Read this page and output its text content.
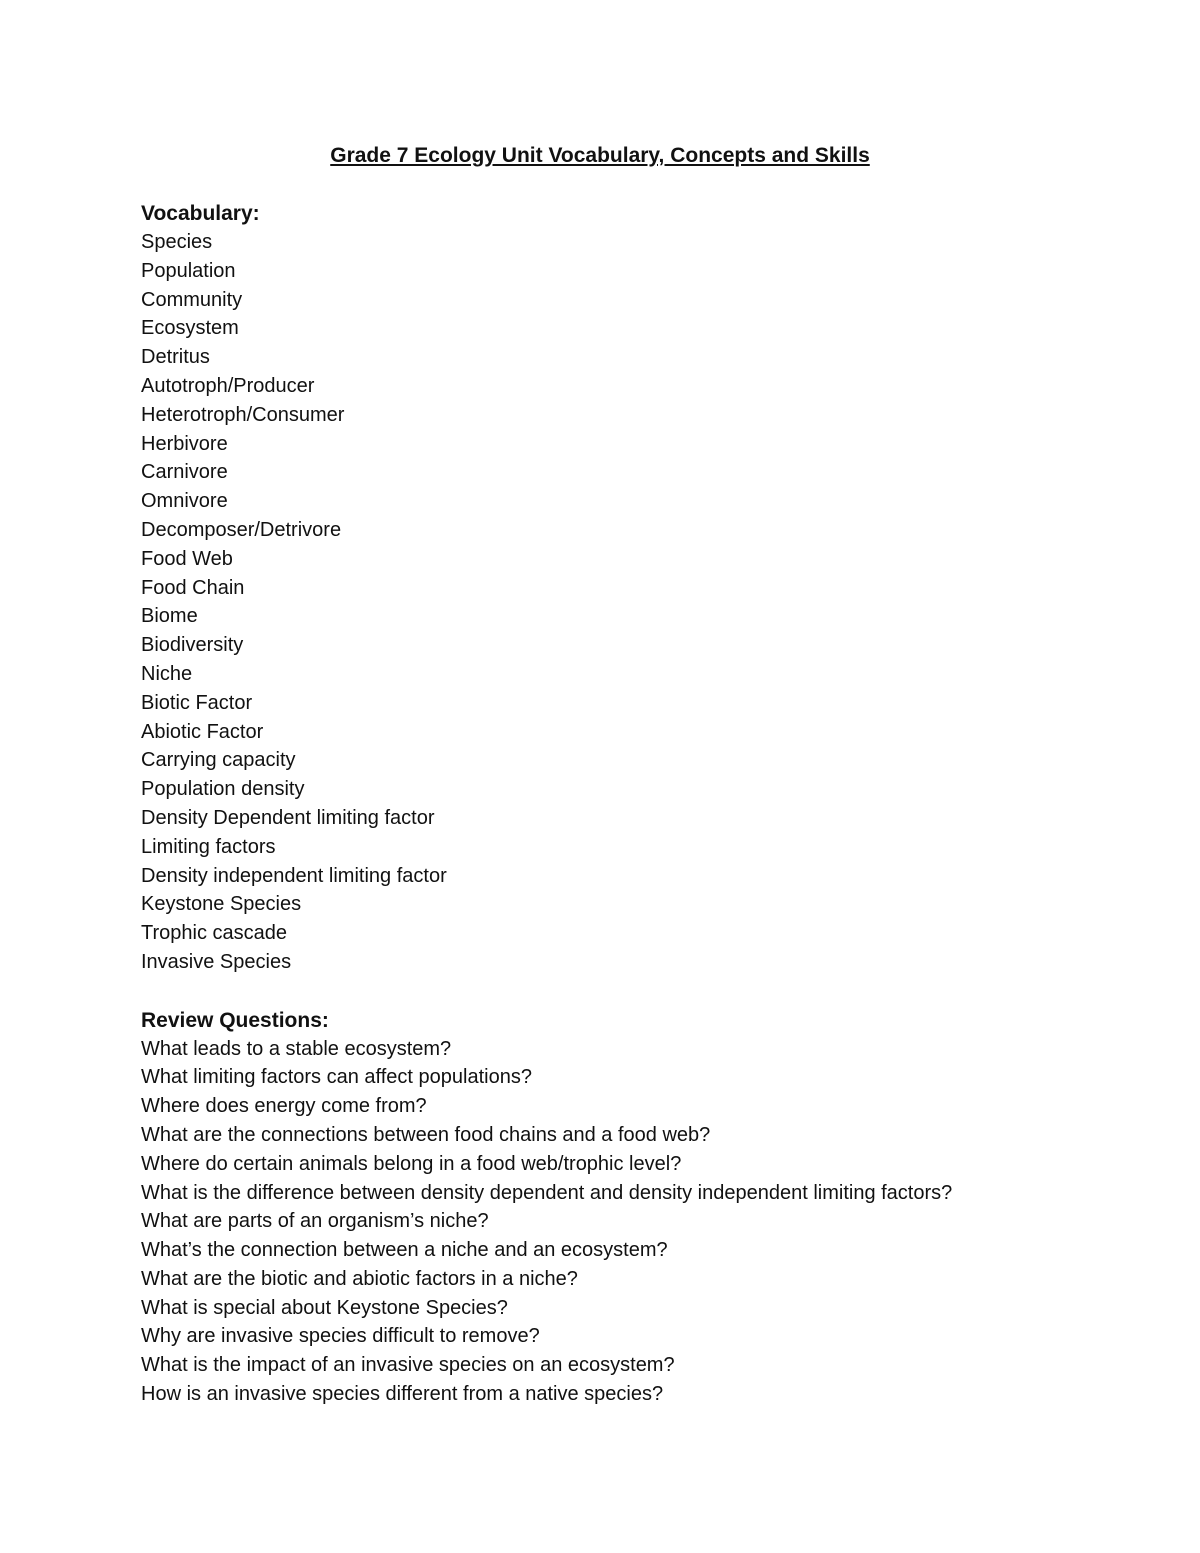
Grade 7 Ecology Unit Vocabulary, Concepts and Skills
Vocabulary:
Species
Population
Community
Ecosystem
Detritus
Autotroph/Producer
Heterotroph/Consumer
Herbivore
Carnivore
Omnivore
Decomposer/Detrivore
Food Web
Food Chain
Biome
Biodiversity
Niche
Biotic Factor
Abiotic Factor
Carrying capacity
Population density
Density Dependent limiting factor
Limiting factors
Density independent limiting factor
Keystone Species
Trophic cascade
Invasive Species
Review Questions:
What leads to a stable ecosystem?
What limiting factors can affect populations?
Where does energy come from?
What are the connections between food chains and a food web?
Where do certain animals belong in a food web/trophic level?
What is the difference between density dependent and density independent limiting factors?
What are parts of an organism’s niche?
What’s the connection between a niche and an ecosystem?
What are the biotic and abiotic factors in a niche?
What is special about Keystone Species?
Why are invasive species difficult to remove?
What is the impact of an invasive species on an ecosystem?
How is an invasive species different from a native species?
